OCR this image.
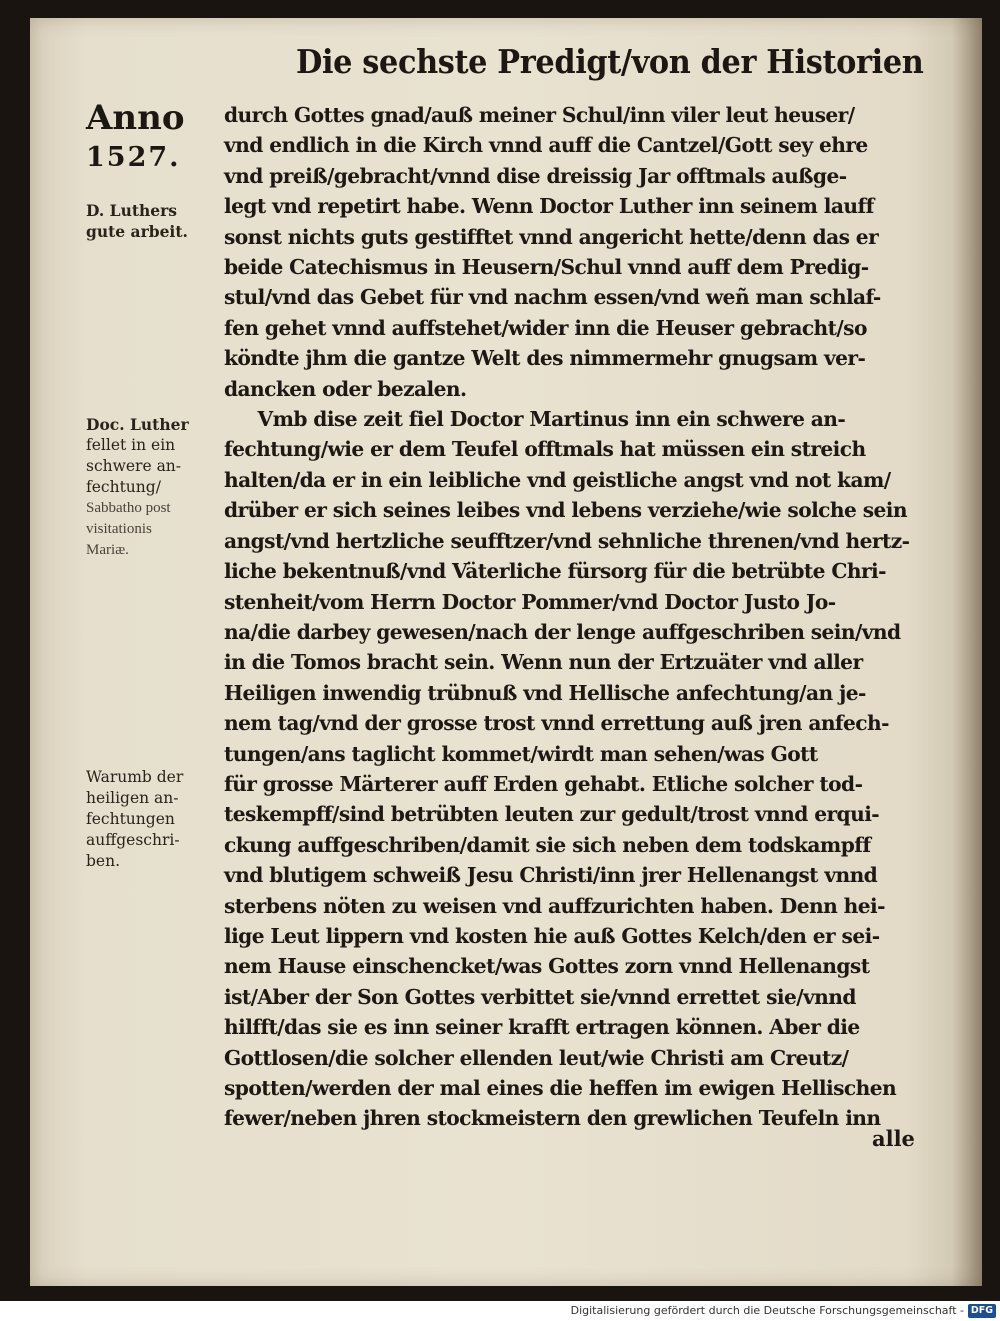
Die sechste Predigt/von der Historien
Anno
1527.
D. Luthers
gute arbeit.
Doc. Luther
fellet in ein
schwere an-
fechtung/
Sabbatho post
visitationis
Mariæ.
Warumb der
heiligen an-
fechtungen
auffgeschri-
ben.
durch Gottes gnad/auß meiner Schul/inn viler leut heuser/
vnd endlich in die Kirch vnnd auff die Cantzel/Gott sey ehre
vnd preiß/gebracht/vnnd dise dreissig Jar offtmals außge-
legt vnd repetirt habe. Wenn Doctor Luther inn seinem lauff
sonst nichts guts gestifftet vnnd angericht hette/denn das er
beide Catechismus in Heusern/Schul vnnd auff dem Predig-
stul/vnd das Gebet für vnd nachm essen/vnd weñ man schlaf-
fen gehet vnnd auffstehet/wider inn die Heuser gebracht/so
köndte jhm die gantze Welt des nimmermehr gnugsam ver-
dancken oder bezalen.
Vmb dise zeit fiel Doctor Martinus inn ein schwere an-
fechtung/wie er dem Teufel offtmals hat müssen ein streich
halten/da er in ein leibliche vnd geistliche angst vnd not kam/
drüber er sich seines leibes vnd lebens verziehe/wie solche sein
angst/vnd hertzliche seufftzer/vnd sehnliche threnen/vnd hertz-
liche bekentnuß/vnd Väterliche fürsorg für die betrübte Chri-
stenheit/vom Herrn Doctor Pommer/vnd Doctor Justo Jo-
na/die darbey gewesen/nach der lenge auffgeschriben sein/vnd
in die Tomos bracht sein. Wenn nun der Ertzuäter vnd aller
Heiligen inwendig trübnuß vnd Hellische anfechtung/an je-
nem tag/vnd der grosse trost vnnd errettung auß jren anfech-
tungen/ans taglicht kommet/wirdt man sehen/was Gott
für grosse Märterer auff Erden gehabt. Etliche solcher tod-
teskempff/sind betrübten leuten zur gedult/trost vnnd erqui-
ckung auffgeschriben/damit sie sich neben dem todskampff
vnd blutigem schweiß Jesu Christi/inn jrer Hellenangst vnnd
sterbens nöten zu weisen vnd auffzurichten haben. Denn hei-
lige Leut lippern vnd kosten hie auß Gottes Kelch/den er sei-
nem Hause einschencket/was Gottes zorn vnnd Hellenangst
ist/Aber der Son Gottes verbittet sie/vnnd errettet sie/vnnd
hilfft/das sie es inn seiner krafft ertragen können. Aber die
Gottlosen/die solcher ellenden leut/wie Christi am Creutz/
spotten/werden der mal eines die heffen im ewigen Hellischen
fewer/neben jhren stockmeistern den grewlichen Teufeln inn
alle
Digitalisierung gefördert durch die Deutsche Forschungsgemeinschaft - DFG
